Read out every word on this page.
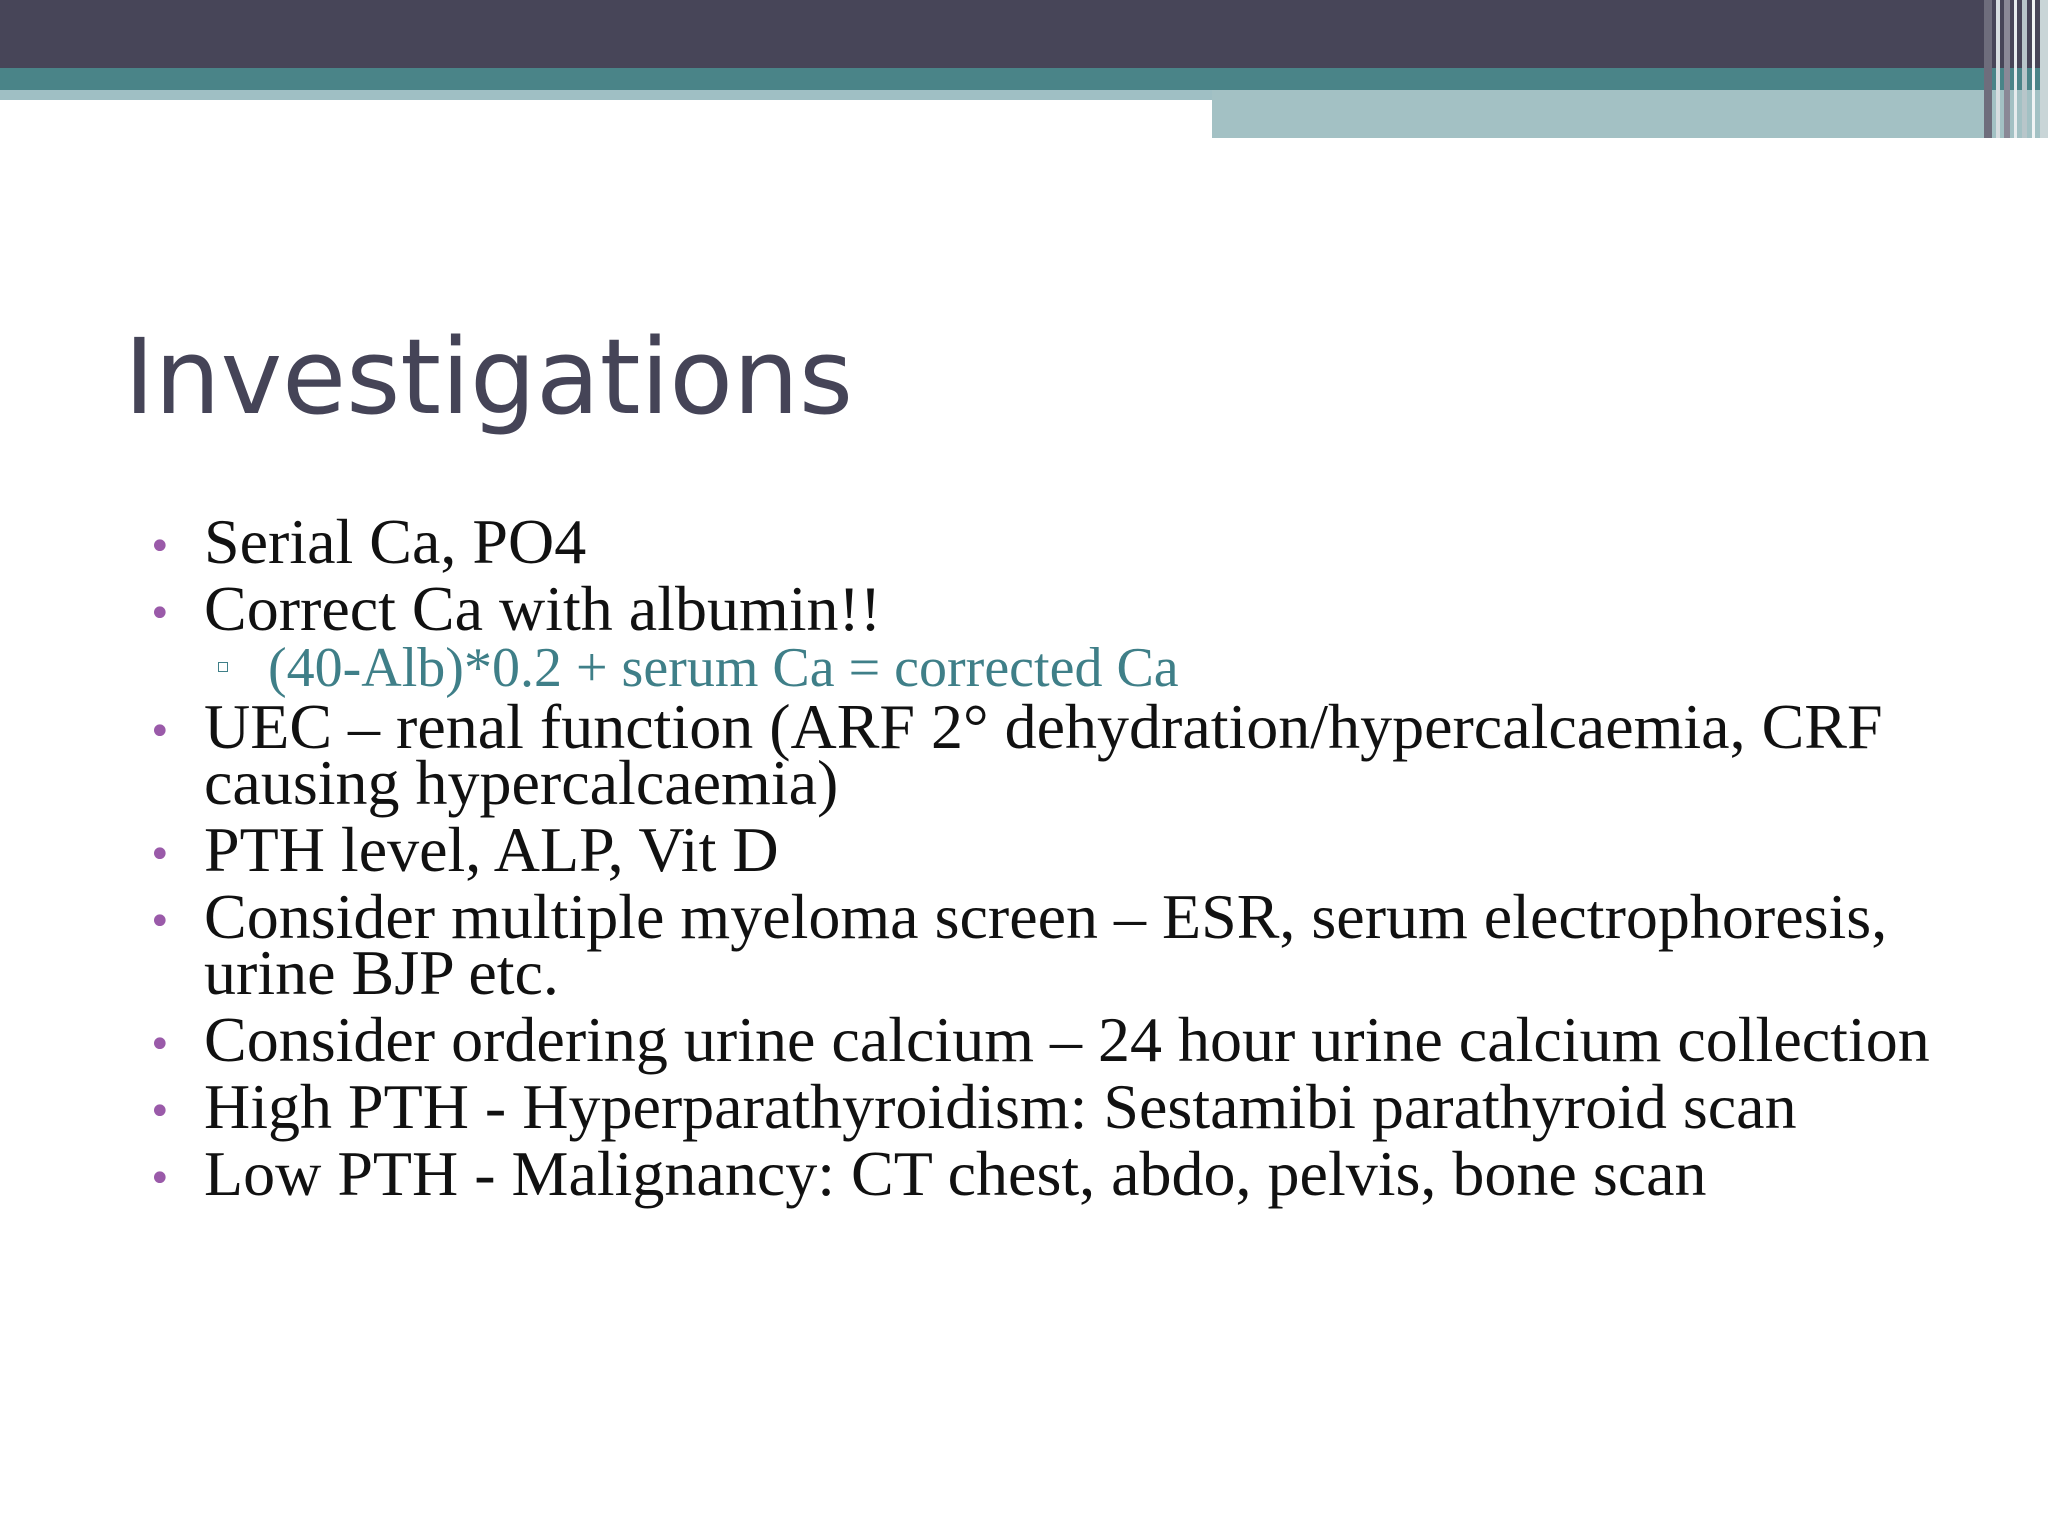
Investigations
• Serial Ca, PO4
• Correct Ca with albumin!!
(40-Alb)*0.2 + serum Ca = corrected Ca
• UEC – renal function (ARF 2° dehydration/hypercalcaemia, CRF causing hypercalcaemia)
• PTH level, ALP, Vit D
• Consider multiple myeloma screen – ESR, serum electrophoresis, urine BJP etc.
• Consider ordering urine calcium – 24 hour urine calcium collection
• High PTH - Hyperparathyroidism: Sestamibi parathyroid scan
• Low PTH - Malignancy: CT chest, abdo, pelvis, bone scan
